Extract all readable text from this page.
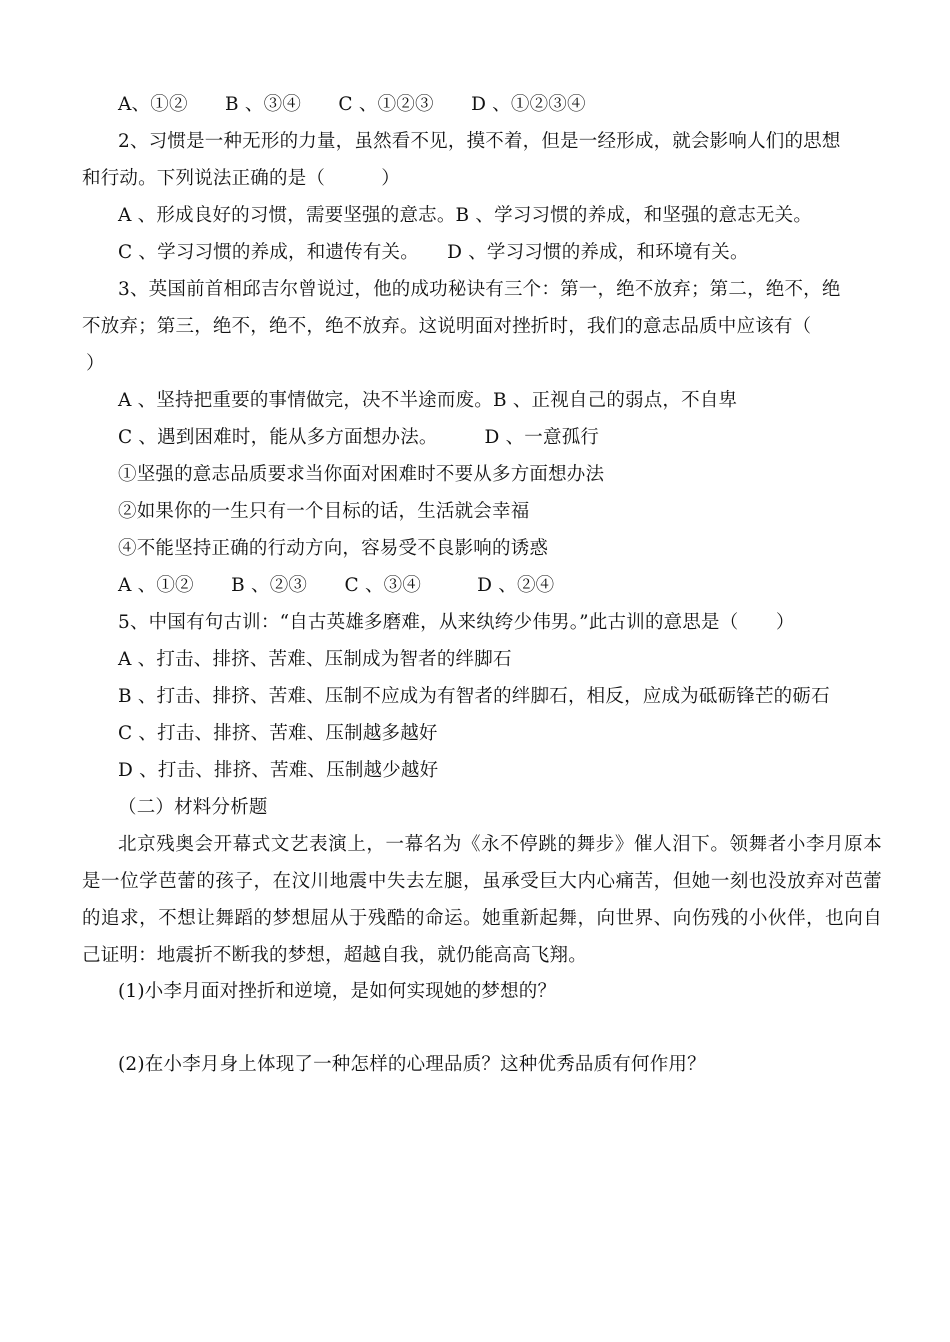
A、①②　　B 、③④　　C 、①②③　　D 、①②③④
2、习惯是一种无形的力量，虽然看不见，摸不着，但是一经形成，就会影响人们的思想
和行动。下列说法正确的是（　　　）
A 、形成良好的习惯，需要坚强的意志。B 、学习习惯的养成，和坚强的意志无关。
C 、学习习惯的养成，和遗传有关。　　D 、学习习惯的养成，和环境有关。
3、英国前首相邱吉尔曾说过，他的成功秘诀有三个：第一，绝不放弃；第二，绝不，绝
不放弃；第三，绝不，绝不，绝不放弃。这说明面对挫折时，我们的意志品质中应该有（
）
A 、坚持把重要的事情做完，决不半途而废。B 、正视自己的弱点，不自卑
C 、遇到困难时，能从多方面想办法。　　　D 、一意孤行
①坚强的意志品质要求当你面对困难时不要从多方面想办法
②如果你的一生只有一个目标的话，生活就会幸福
④不能坚持正确的行动方向，容易受不良影响的诱惑
A 、①②　　B 、②③　　C 、③④　　　D 、②④
5、中国有句古训：“自古英雄多磨难，从来纨绔少伟男。”此古训的意思是（　　）
A 、打击、排挤、苦难、压制成为智者的绊脚石
B 、打击、排挤、苦难、压制不应成为有智者的绊脚石，相反，应成为砥砺锋芒的砺石
C 、打击、排挤、苦难、压制越多越好
D 、打击、排挤、苦难、压制越少越好
（二）材料分析题
北京残奥会开幕式文艺表演上，一幕名为《永不停跳的舞步》催人泪下。领舞者小李月原本是一位学芭蕾的孩子，在汶川地震中失去左腿，虽承受巨大内心痛苦，但她一刻也没放弃对芭蕾的追求，不想让舞蹈的梦想屈从于残酷的命运。她重新起舞，向世界、向伤残的小伙伴，也向自己证明：地震折不断我的梦想，超越自我，就仍能高高飞翔。
(1)小李月面对挫折和逆境，是如何实现她的梦想的？
(2)在小李月身上体现了一种怎样的心理品质？这种优秀品质有何作用？
